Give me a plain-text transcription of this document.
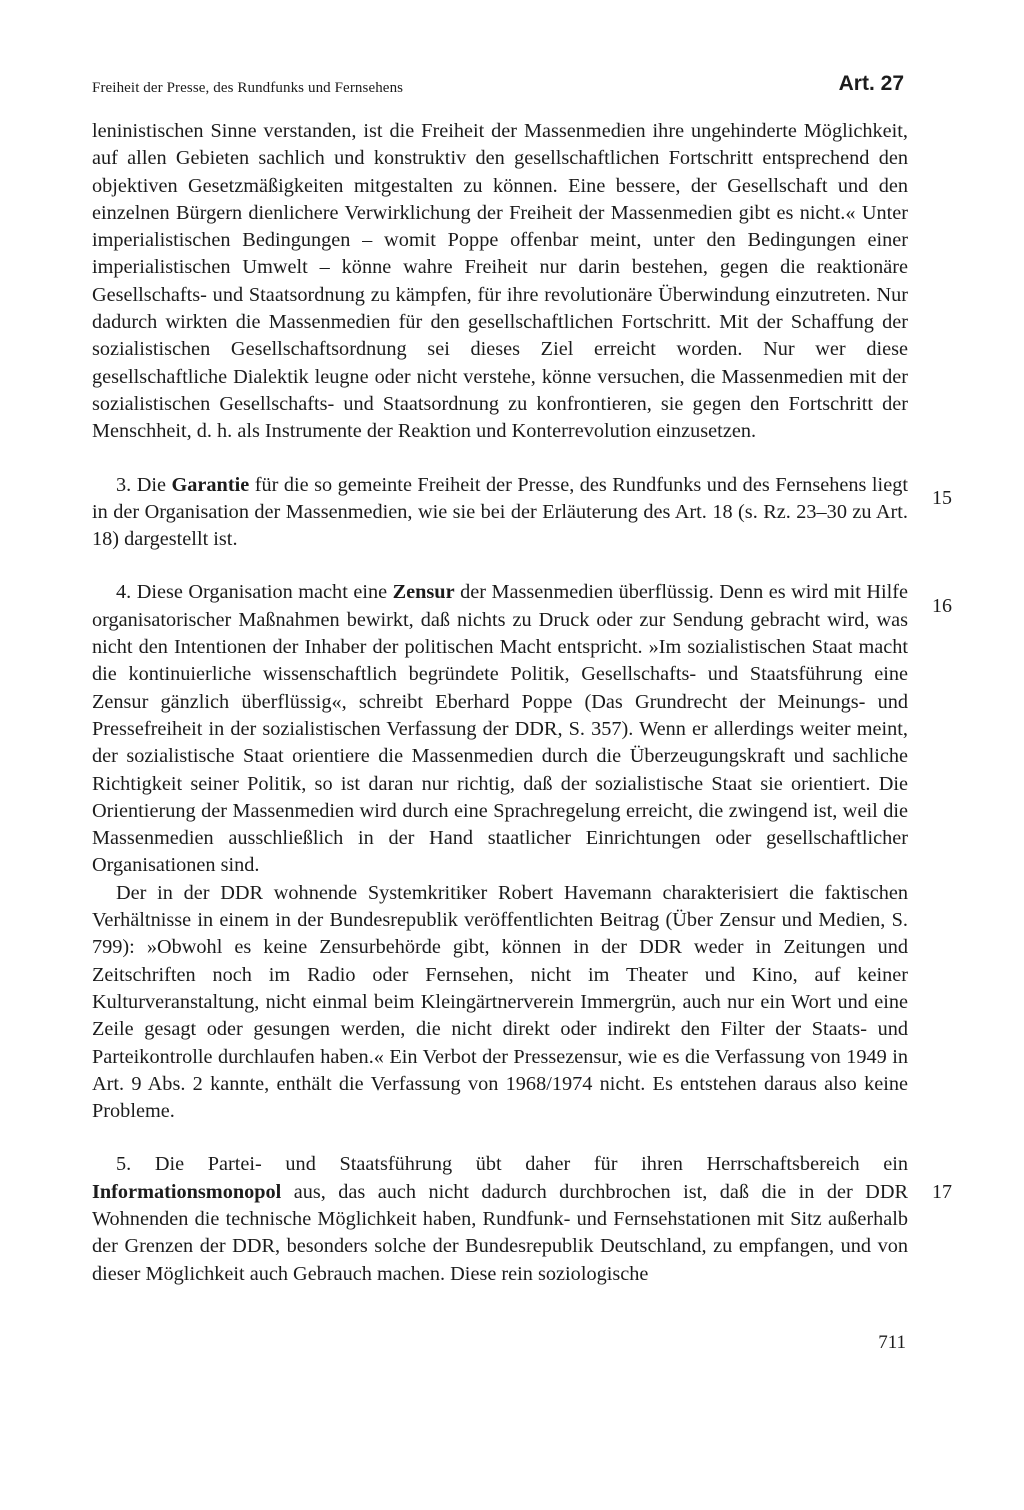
Freiheit der Presse, des Rundfunks und Fernsehens	Art. 27

leninistischen Sinne verstanden, ist die Freiheit der Massenmedien ihre ungehinderte Möglichkeit, auf allen Gebieten sachlich und konstruktiv den gesellschaftlichen Fortschritt entsprechend den objektiven Gesetzmäßigkeiten mitgestalten zu können. Eine bessere, der Gesellschaft und den einzelnen Bürgern dienlichere Verwirklichung der Freiheit der Massenmedien gibt es nicht.« Unter imperialistischen Bedingungen – womit Poppe offenbar meint, unter den Bedingungen einer imperialistischen Umwelt – könne wahre Freiheit nur darin bestehen, gegen die reaktionäre Gesellschafts- und Staatsordnung zu kämpfen, für ihre revolutionäre Überwindung einzutreten. Nur dadurch wirkten die Massenmedien für den gesellschaftlichen Fortschritt. Mit der Schaffung der sozialistischen Gesellschaftsordnung sei dieses Ziel erreicht worden. Nur wer diese gesellschaftliche Dialektik leugne oder nicht verstehe, könne versuchen, die Massenmedien mit der sozialistischen Gesellschafts- und Staatsordnung zu konfrontieren, sie gegen den Fortschritt der Menschheit, d. h. als Instrumente der Reaktion und Konterrevolution einzusetzen.

3. Die Garantie für die so gemeinte Freiheit der Presse, des Rundfunks und des Fernsehens liegt in der Organisation der Massenmedien, wie sie bei der Erläuterung des Art. 18 (s. Rz. 23–30 zu Art. 18) dargestellt ist.

4. Diese Organisation macht eine Zensur der Massenmedien überflüssig. Denn es wird mit Hilfe organisatorischer Maßnahmen bewirkt, daß nichts zu Druck oder zur Sendung gebracht wird, was nicht den Intentionen der Inhaber der politischen Macht entspricht. »Im sozialistischen Staat macht die kontinuierliche wissenschaftlich begründete Politik, Gesellschafts- und Staatsführung eine Zensur gänzlich überflüssig«, schreibt Eberhard Poppe (Das Grundrecht der Meinungs- und Pressefreiheit in der sozialistischen Verfassung der DDR, S. 357). Wenn er allerdings weiter meint, der sozialistische Staat orientiere die Massenmedien durch die Überzeugungskraft und sachliche Richtigkeit seiner Politik, so ist daran nur richtig, daß der sozialistische Staat sie orientiert. Die Orientierung der Massenmedien wird durch eine Sprachregelung erreicht, die zwingend ist, weil die Massenmedien ausschließlich in der Hand staatlicher Einrichtungen oder gesellschaftlicher Organisationen sind.

Der in der DDR wohnende Systemkritiker Robert Havemann charakterisiert die faktischen Verhältnisse in einem in der Bundesrepublik veröffentlichten Beitrag (Über Zensur und Medien, S. 799): »Obwohl es keine Zensurbehörde gibt, können in der DDR weder in Zeitungen und Zeitschriften noch im Radio oder Fernsehen, nicht im Theater und Kino, auf keiner Kulturveranstaltung, nicht einmal beim Kleingärtnerverein Immergrün, auch nur ein Wort und eine Zeile gesagt oder gesungen werden, die nicht direkt oder indirekt den Filter der Staats- und Parteikontrolle durchlaufen haben.« Ein Verbot der Pressezensur, wie es die Verfassung von 1949 in Art. 9 Abs. 2 kannte, enthält die Verfassung von 1968/1974 nicht. Es entstehen daraus also keine Probleme.

5. Die Partei- und Staatsführung übt daher für ihren Herrschaftsbereich ein Informationsmonopol aus, das auch nicht dadurch durchbrochen ist, daß die in der DDR Wohnenden die technische Möglichkeit haben, Rundfunk- und Fernsehstationen mit Sitz außerhalb der Grenzen der DDR, besonders solche der Bundesrepublik Deutschland, zu empfangen, und von dieser Möglichkeit auch Gebrauch machen. Diese rein soziologische

15
16
17
711
